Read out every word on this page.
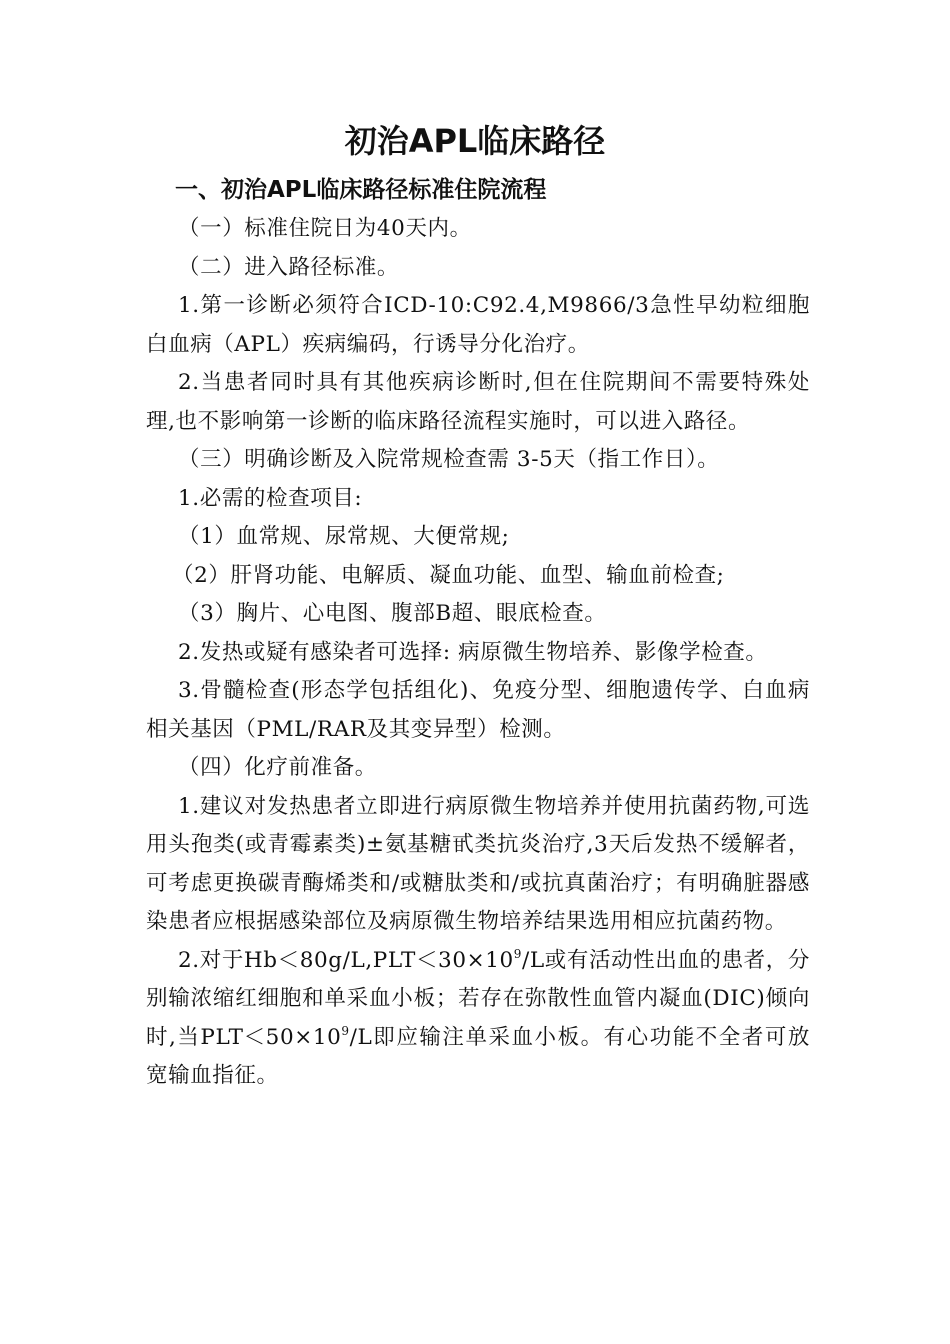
初治APL临床路径
一、初治APL临床路径标准住院流程

（一）标准住院日为40天内。

（二）进入路径标准。

1.第一诊断必须符合ICD-10:C92.4,M9866/3急性早幼粒细胞白血病（APL）疾病编码，行诱导分化治疗。

2.当患者同时具有其他疾病诊断时,但在住院期间不需要特殊处理,也不影响第一诊断的临床路径流程实施时，可以进入路径。

（三）明确诊断及入院常规检查需 3-5天（指工作日）。

1.必需的检查项目:

（1）血常规、尿常规、大便常规;

（2）肝肾功能、电解质、凝血功能、血型、输血前检查;

（3）胸片、心电图、腹部B超、眼底检查。

2.发热或疑有感染者可选择: 病原微生物培养、影像学检查。

3.骨髓检查(形态学包括组化)、免疫分型、细胞遗传学、白血病相关基因（PML/RAR及其变异型）检测。

（四）化疗前准备。

1.建议对发热患者立即进行病原微生物培养并使用抗菌药物,可选用头孢类(或青霉素类)±氨基糖甙类抗炎治疗,3天后发热不缓解者，可考虑更换碳青酶烯类和/或糖肽类和/或抗真菌治疗；有明确脏器感染患者应根据感染部位及病原微生物培养结果选用相应抗菌药物。

2.对于$Hb<80g/L,PLT<30\times 10^9/L$或有活动性出血的患者，分别输浓缩红细胞和单采血小板；若存在弥散性血管内凝血(DIC)倾向时,当$PLT<50\times 10^9/L$即应输注单采血小板。有心功能不全者可放宽输血指征。
